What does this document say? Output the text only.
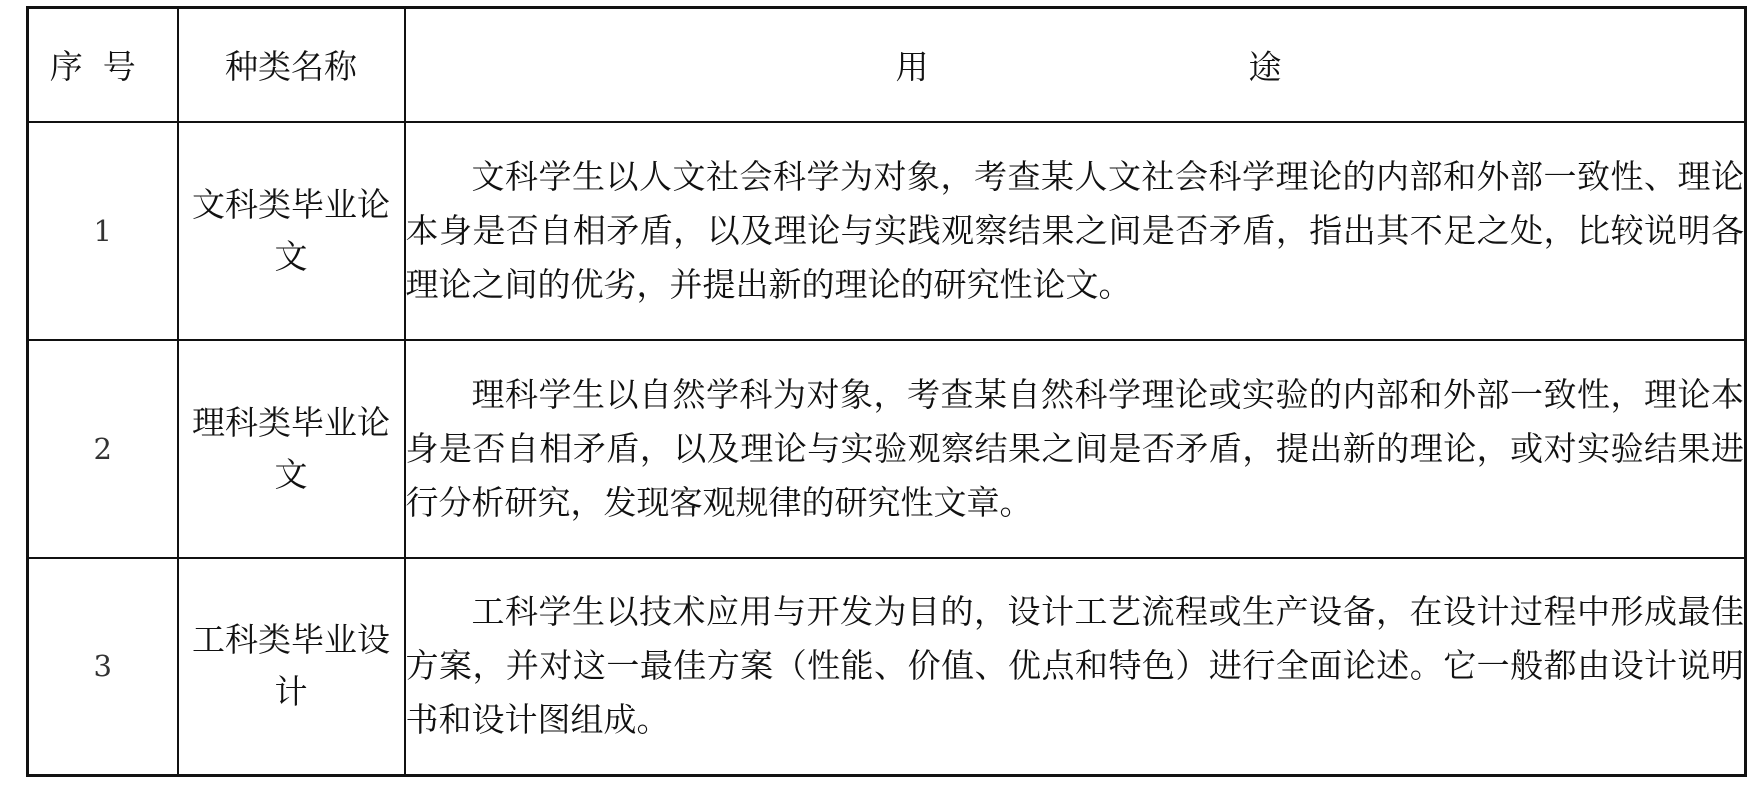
序号	种类名称	用 途

1	文科类毕业论文	文科学生以人文社会科学为对象，考查某人文社会科学理论的内部和外部一致性、理论本身是否自相矛盾，以及理论与实践观察结果之间是否矛盾，指出其不足之处，比较说明各理论之间的优劣，并提出新的理论的研究性论文。

2	理科类毕业论文	理科学生以自然学科为对象，考查某自然科学理论或实验的内部和外部一致性，理论本身是否自相矛盾，以及理论与实验观察结果之间是否矛盾，提出新的理论，或对实验结果进行分析研究，发现客观规律的研究性文章。

3	工科类毕业设计	工科学生以技术应用与开发为目的，设计工艺流程或生产设备，在设计过程中形成最佳方案，并对这一最佳方案（性能、价值、优点和特色）进行全面论述。它一般都由设计说明书和设计图组成。
